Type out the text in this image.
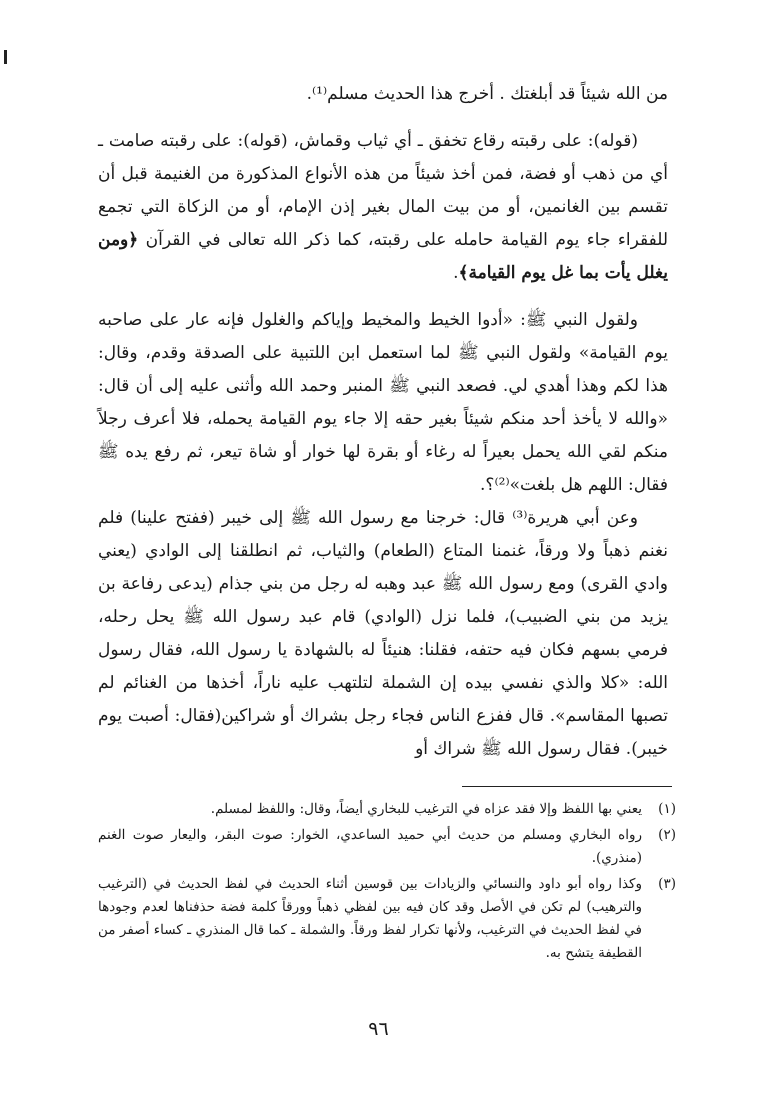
من الله شيئاً قد أبلغتك . أخرج هذا الحديث مسلم⁽¹⁾.

(قوله): على رقبته رقاع تخفق ـ أي ثياب وقماش، (قوله): على رقبته صامت ـ أي من ذهب أو فضة، فمن أخذ شيئاً من هذه الأنواع المذكورة من الغنيمة قبل أن تقسم بين الغانمين، أو من بيت المال بغير إذن الإمام، أو من الزكاة التي تجمع للفقراء جاء يوم القيامة حامله على رقبته، كما ذكر الله تعالى في القرآن ﴿ومن يغلل يأت بما غل يوم القيامة﴾.

ولقول النبي ﷺ: «أدوا الخيط والمخيط وإياكم والغلول فإنه عار على صاحبه يوم القيامة» ولقول النبي ﷺ لما استعمل ابن اللتبية على الصدقة وقدم، وقال: هذا لكم وهذا أهدي لي. فصعد النبي ﷺ المنبر وحمد الله وأثنى عليه إلى أن قال: «والله لا يأخذ أحد منكم شيئاً بغير حقه إلا جاء يوم القيامة يحمله، فلا أعرف رجلاً منكم لقي الله يحمل بعيراً له رغاء أو بقرة لها خوار أو شاة تيعر، ثم رفع يده ﷺ فقال: اللهم هل بلغت»⁽²⁾؟.

وعن أبي هريرة⁽³⁾ قال: خرجنا مع رسول الله ﷺ إلى خيبر (ففتح علينا) فلم نغنم ذهباً ولا ورقاً، غنمنا المتاع (الطعام) والثياب، ثم انطلقنا إلى الوادي (يعني وادي القرى) ومع رسول الله ﷺ عبد وهبه له رجل من بني جذام (يدعى رفاعة بن يزيد من بني الضبيب)، فلما نزل (الوادي) قام عبد رسول الله ﷺ يحل رحله، فرمي بسهم فكان فيه حتفه، فقلنا: هنيئاً له بالشهادة يا رسول الله، فقال رسول الله: «كلا والذي نفسي بيده إن الشملة لتلتهب عليه ناراً، أخذها من الغنائم لم تصبها المقاسم». قال ففزع الناس فجاء رجل بشراك أو شراكين(فقال: أصبت يوم خيبر). فقال رسول الله ﷺ شراك أو

(١)
يعني بها اللفظ وإلا فقد عزاه في الترغيب للبخاري أيضاً، وقال: واللفظ لمسلم.
(٢)
رواه البخاري ومسلم من حديث أبي حميد الساعدي، الخوار: صوت البقر، واليعار صوت الغنم (منذري).
(٣)
وكذا رواه أبو داود والنسائي والزيادات بين قوسين أثناء الحديث في لفظ الحديث في (الترغيب والترهيب) لم تكن في الأصل وقد كان فيه بين لفظي ذهباً وورقاً كلمة فضة حذفناها لعدم وجودها في لفظ الحديث في الترغيب، ولأنها تكرار لفظ ورقاً. والشملة ـ كما قال المنذري ـ كساء أصفر من القطيفة يتشح به.
٩٦
